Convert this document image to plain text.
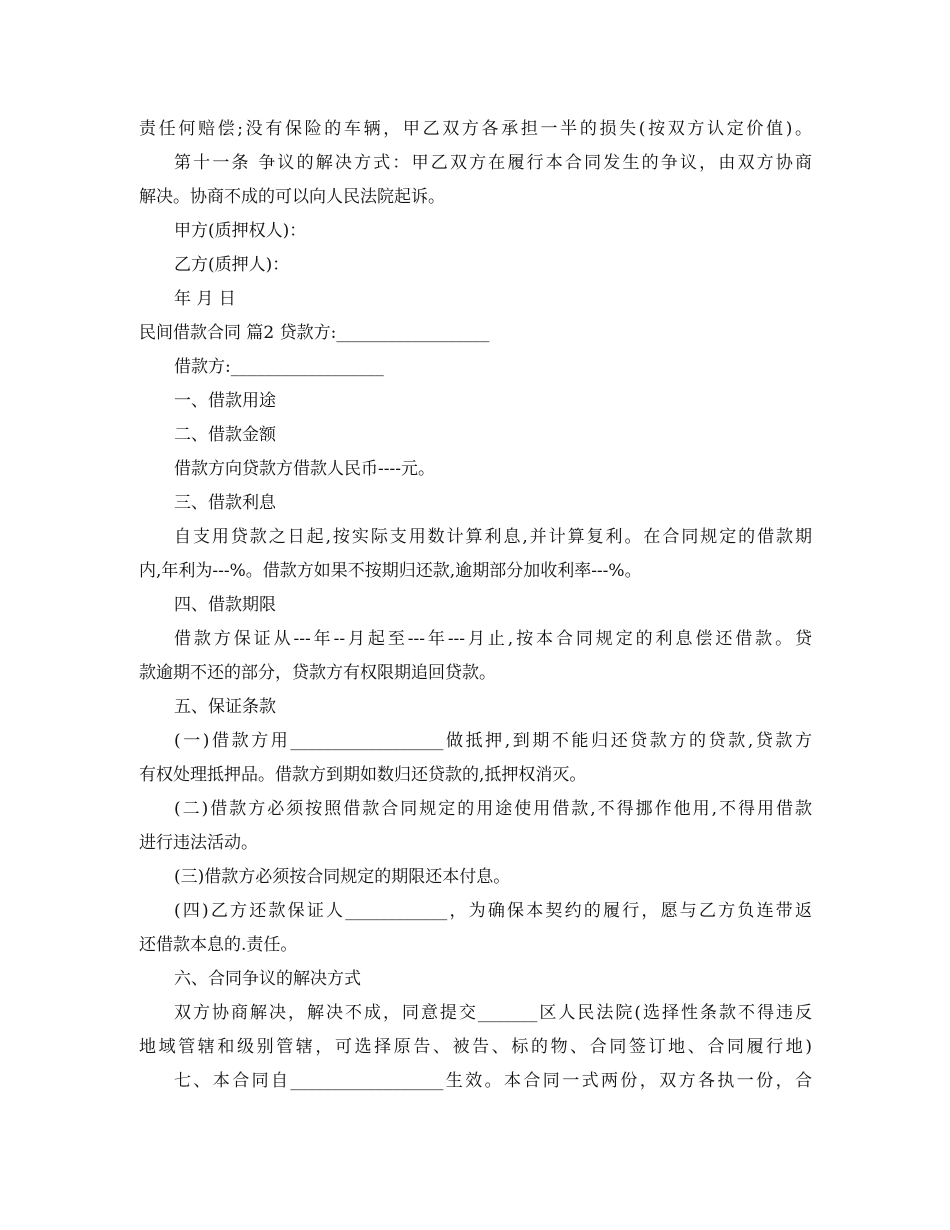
责任何赔偿;没有保险的车辆，甲乙双方各承担一半的损失(按双方认定价值)。
第十一条 争议的解决方式：甲乙双方在履行本合同发生的争议，由双方协商
解决。协商不成的可以向人民法院起诉。
甲方(质押权人)：
乙方(质押人)：
年 月 日
民间借款合同 篇2 贷款方:__________________
借款方:__________________
一、借款用途
二、借款金额
借款方向贷款方借款人民币----元。
三、借款利息
自支用贷款之日起,按实际支用数计算利息,并计算复利。在合同规定的借款期
内,年利为---%。借款方如果不按期归还款,逾期部分加收利率---%。
四、借款期限
借款方保证从---年--月起至---年---月止,按本合同规定的利息偿还借款。贷
款逾期不还的部分，贷款方有权限期追回贷款。
五、保证条款
(一)借款方用__________________做抵押,到期不能归还贷款方的贷款,贷款方
有权处理抵押品。借款方到期如数归还贷款的,抵押权消灭。
(二)借款方必须按照借款合同规定的用途使用借款,不得挪作他用,不得用借款
进行违法活动。
(三)借款方必须按合同规定的期限还本付息。
(四)乙方还款保证人____________，为确保本契约的履行，愿与乙方负连带返
还借款本息的.责任。
六、合同争议的解决方式
双方协商解决，解决不成，同意提交_______区人民法院(选择性条款不得违反
地域管辖和级别管辖，可选择原告、被告、标的物、合同签订地、合同履行地)
七、本合同自__________________生效。本合同一式两份，双方各执一份，合
